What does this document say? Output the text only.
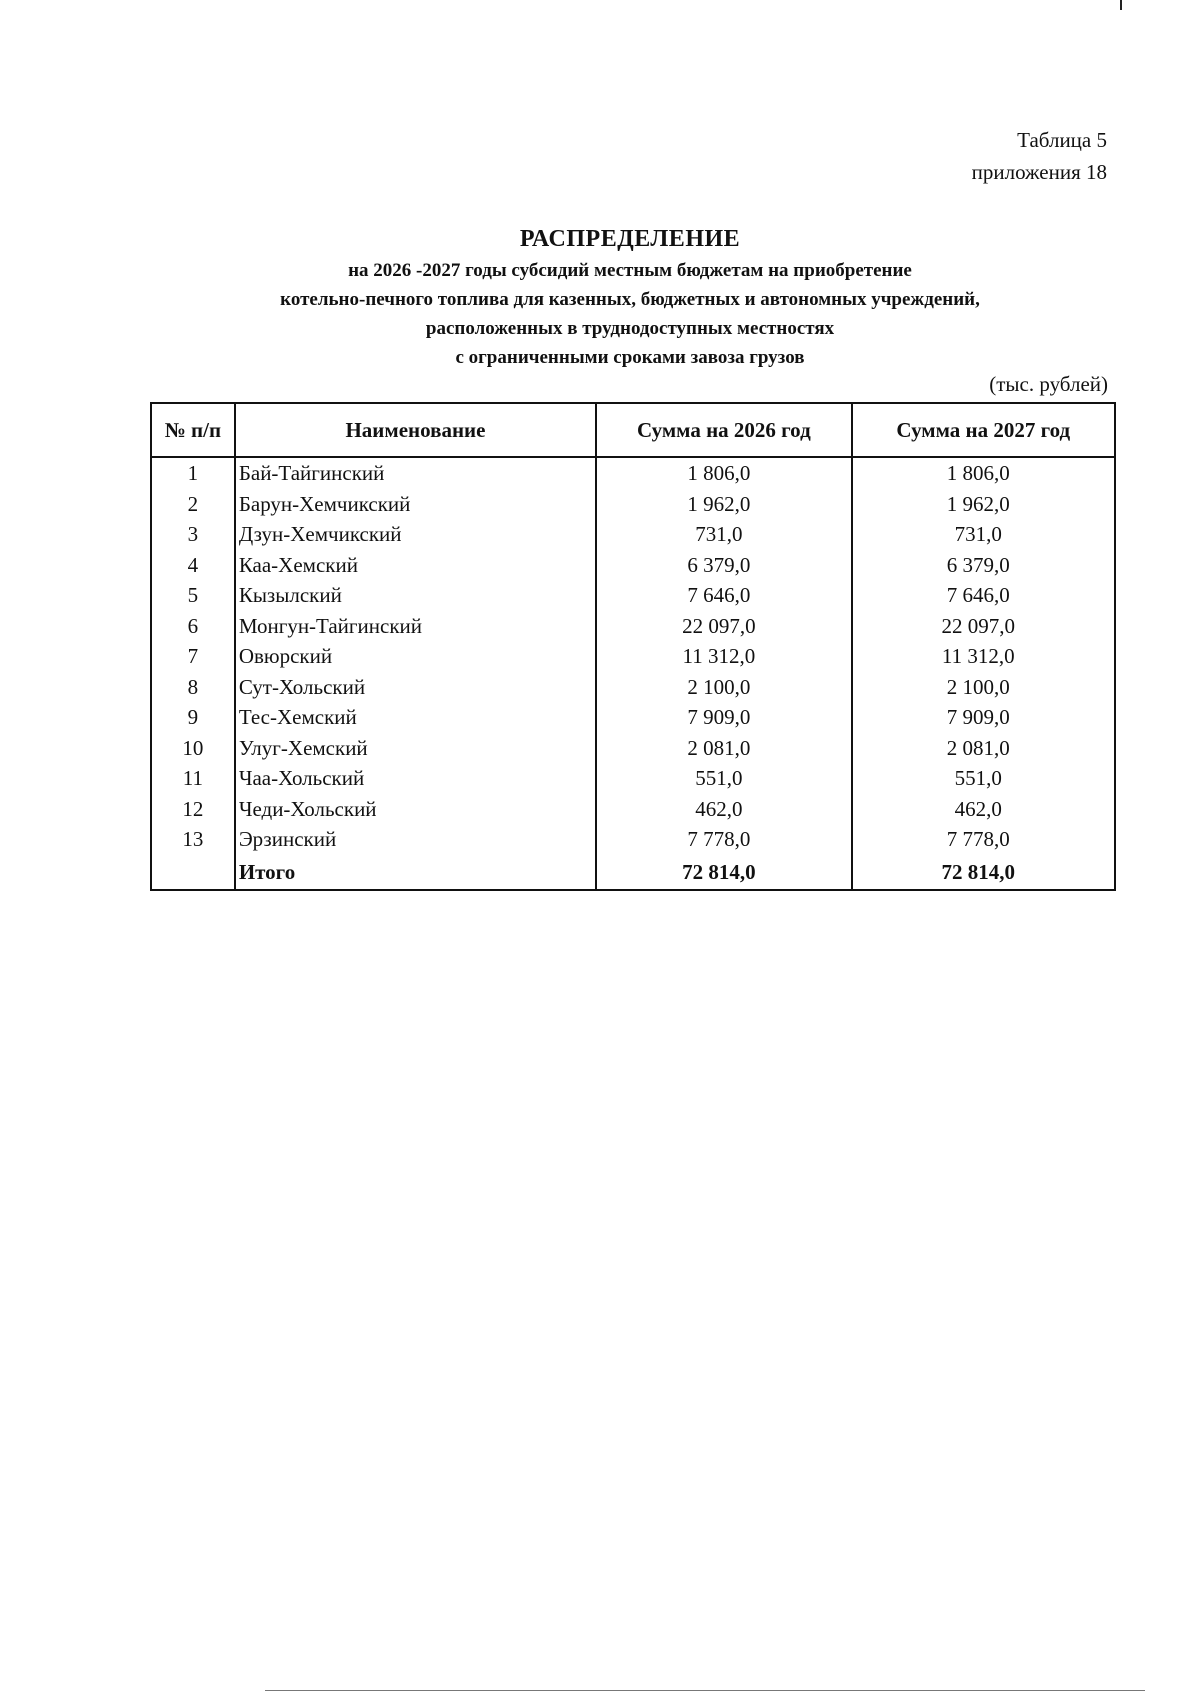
Таблица 5
приложения 18
РАСПРЕДЕЛЕНИЕ
на 2026 -2027 годы субсидий местным бюджетам на приобретение
котельно-печного топлива для казенных, бюджетных и автономных учреждений,
расположенных в труднодоступных местностях
с ограниченными сроками завоза грузов
(тыс. рублей)
№ п/п	Наименование	Сумма на 2026 год	Сумма на 2027 год
1	Бай-Тайгинский	1 806,0	1 806,0
2	Барун-Хемчикский	1 962,0	1 962,0
3	Дзун-Хемчикский	731,0	731,0
4	Каа-Хемский	6 379,0	6 379,0
5	Кызылский	7 646,0	7 646,0
6	Монгун-Тайгинский	22 097,0	22 097,0
7	Овюрский	11 312,0	11 312,0
8	Сут-Хольский	2 100,0	2 100,0
9	Тес-Хемский	7 909,0	7 909,0
10	Улуг-Хемский	2 081,0	2 081,0
11	Чаа-Хольский	551,0	551,0
12	Чеди-Хольский	462,0	462,0
13	Эрзинский	7 778,0	7 778,0
	Итого	72 814,0	72 814,0
